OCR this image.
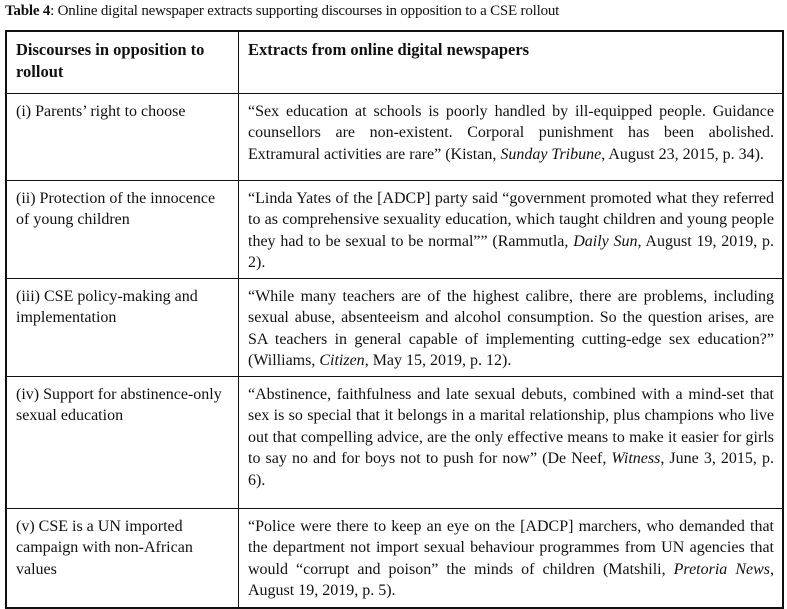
Table 4: Online digital newspaper extracts supporting discourses in opposition to a CSE rollout
Discourses in opposition to rollout	Extracts from online digital newspapers
(i) Parents’ right to choose	“Sex education at schools is poorly handled by ill-equipped people. Guidance counsellors are non-existent. Corporal punishment has been abolished. Extramural activities are rare” (Kistan, Sunday Tribune, August 23, 2015, p. 34).
(ii) Protection of the innocence of young children	“Linda Yates of the [ADCP] party said “government promoted what they referred to as comprehensive sexuality education, which taught children and young people they had to be sexual to be normal”” (Rammutla, Daily Sun, August 19, 2019, p. 2).
(iii) CSE policy-making and implementation	“While many teachers are of the highest calibre, there are problems, including sexual abuse, absenteeism and alcohol consumption. So the question arises, are SA teachers in general capable of implementing cutting-edge sex education?” (Williams, Citizen, May 15, 2019, p. 12).
(iv) Support for abstinence-only sexual education	“Abstinence, faithfulness and late sexual debuts, combined with a mind-set that sex is so special that it belongs in a marital relationship, plus champions who live out that compelling advice, are the only effective means to make it easier for girls to say no and for boys not to push for now” (De Neef, Witness, June 3, 2015, p. 6).
(v) CSE is a UN imported campaign with non-African values	“Police were there to keep an eye on the [ADCP] marchers, who demanded that the department not import sexual behaviour programmes from UN agencies that would “corrupt and poison” the minds of children (Matshili, Pretoria News, August 19, 2019, p. 5).
